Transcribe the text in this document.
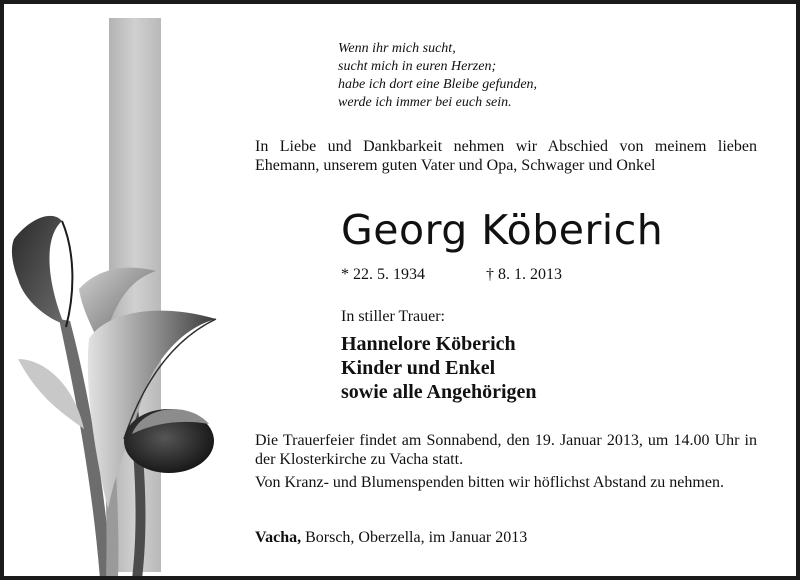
Wenn ihr mich sucht,
sucht mich in euren Herzen;
habe ich dort eine Bleibe gefunden,
werde ich immer bei euch sein.

In Liebe und Dankbarkeit nehmen wir Abschied von meinem lieben Ehemann, unserem guten Vater und Opa, Schwager und Onkel

Georg Köberich
* 22. 5. 1934	† 8. 1. 2013
In stiller Trauer:
Hannelore Köberich
Kinder und Enkel
sowie alle Angehörigen

Die Trauerfeier findet am Sonnabend, den 19. Januar 2013, um 14.00 Uhr in der Klosterkirche zu Vacha statt.

Von Kranz- und Blumenspenden bitten wir höflichst Abstand zu nehmen.

Vacha, Borsch, Oberzella, im Januar 2013
